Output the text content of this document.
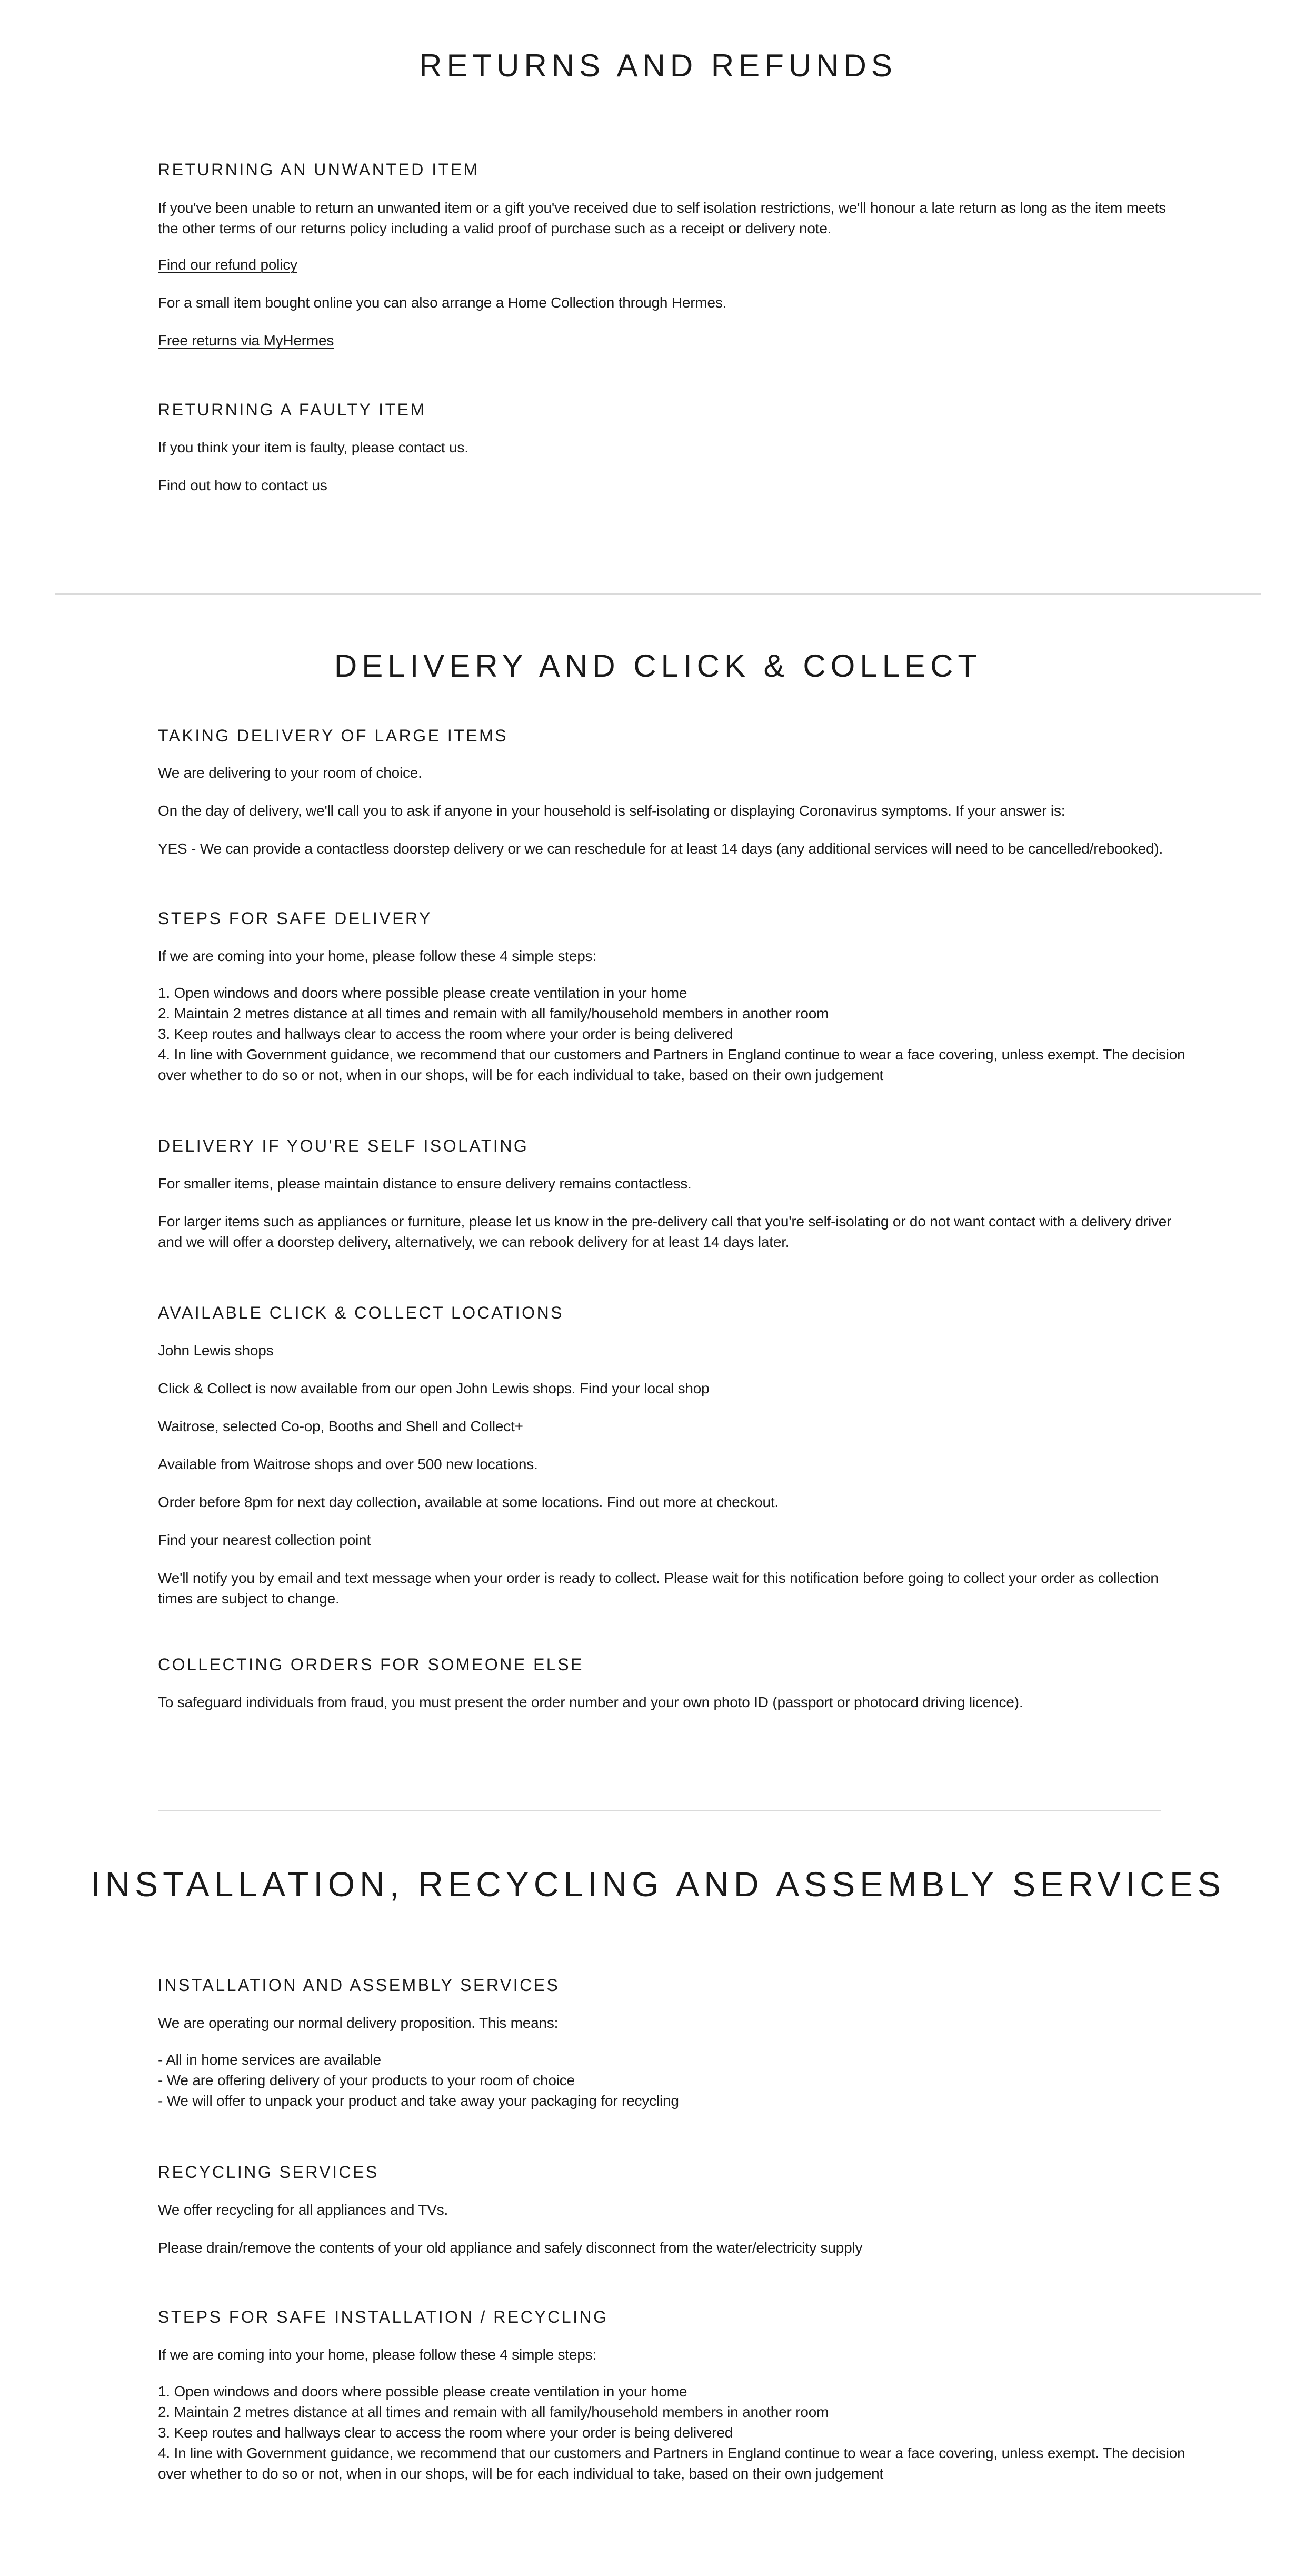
RETURNS AND REFUNDS
RETURNING AN UNWANTED ITEM

If you've been unable to return an unwanted item or a gift you've received due to self isolation restrictions, we'll honour a late return as long as the item meets the other terms of our returns policy including a valid proof of purchase such as a receipt or delivery note.

Find our refund policy

For a small item bought online you can also arrange a Home Collection through Hermes.

Free returns via MyHermes

RETURNING A FAULTY ITEM

If you think your item is faulty, please contact us.

Find out how to contact us

DELIVERY AND CLICK & COLLECT
TAKING DELIVERY OF LARGE ITEMS

We are delivering to your room of choice.

On the day of delivery, we'll call you to ask if anyone in your household is self-isolating or displaying Coronavirus symptoms. If your answer is:

YES - We can provide a contactless doorstep delivery or we can reschedule for at least 14 days (any additional services will need to be cancelled/rebooked).

STEPS FOR SAFE DELIVERY

If we are coming into your home, please follow these 4 simple steps:

1. Open windows and doors where possible please create ventilation in your home
2. Maintain 2 metres distance at all times and remain with all family/household members in another room
3. Keep routes and hallways clear to access the room where your order is being delivered
4. In line with Government guidance, we recommend that our customers and Partners in England continue to wear a face covering, unless exempt. The decision over whether to do so or not, when in our shops, will be for each individual to take, based on their own judgement
DELIVERY IF YOU'RE SELF ISOLATING

For smaller items, please maintain distance to ensure delivery remains contactless.

For larger items such as appliances or furniture, please let us know in the pre-delivery call that you're self-isolating or do not want contact with a delivery driver and we will offer a doorstep delivery, alternatively, we can rebook delivery for at least 14 days later.

AVAILABLE CLICK & COLLECT LOCATIONS

John Lewis shops

Click & Collect is now available from our open John Lewis shops. Find your local shop

Waitrose, selected Co-op, Booths and Shell and Collect+

Available from Waitrose shops and over 500 new locations.

Order before 8pm for next day collection, available at some locations. Find out more at checkout.

Find your nearest collection point

We'll notify you by email and text message when your order is ready to collect. Please wait for this notification before going to collect your order as collection times are subject to change.

COLLECTING ORDERS FOR SOMEONE ELSE

To safeguard individuals from fraud, you must present the order number and your own photo ID (passport or photocard driving licence).

INSTALLATION, RECYCLING AND ASSEMBLY SERVICES
INSTALLATION AND ASSEMBLY SERVICES

We are operating our normal delivery proposition. This means:

- All in home services are available
- We are offering delivery of your products to your room of choice
- We will offer to unpack your product and take away your packaging for recycling
RECYCLING SERVICES

We offer recycling for all appliances and TVs.

Please drain/remove the contents of your old appliance and safely disconnect from the water/electricity supply

STEPS FOR SAFE INSTALLATION / RECYCLING

If we are coming into your home, please follow these 4 simple steps:

1. Open windows and doors where possible please create ventilation in your home
2. Maintain 2 metres distance at all times and remain with all family/household members in another room
3. Keep routes and hallways clear to access the room where your order is being delivered
4. In line with Government guidance, we recommend that our customers and Partners in England continue to wear a face covering, unless exempt. The decision over whether to do so or not, when in our shops, will be for each individual to take, based on their own judgement
